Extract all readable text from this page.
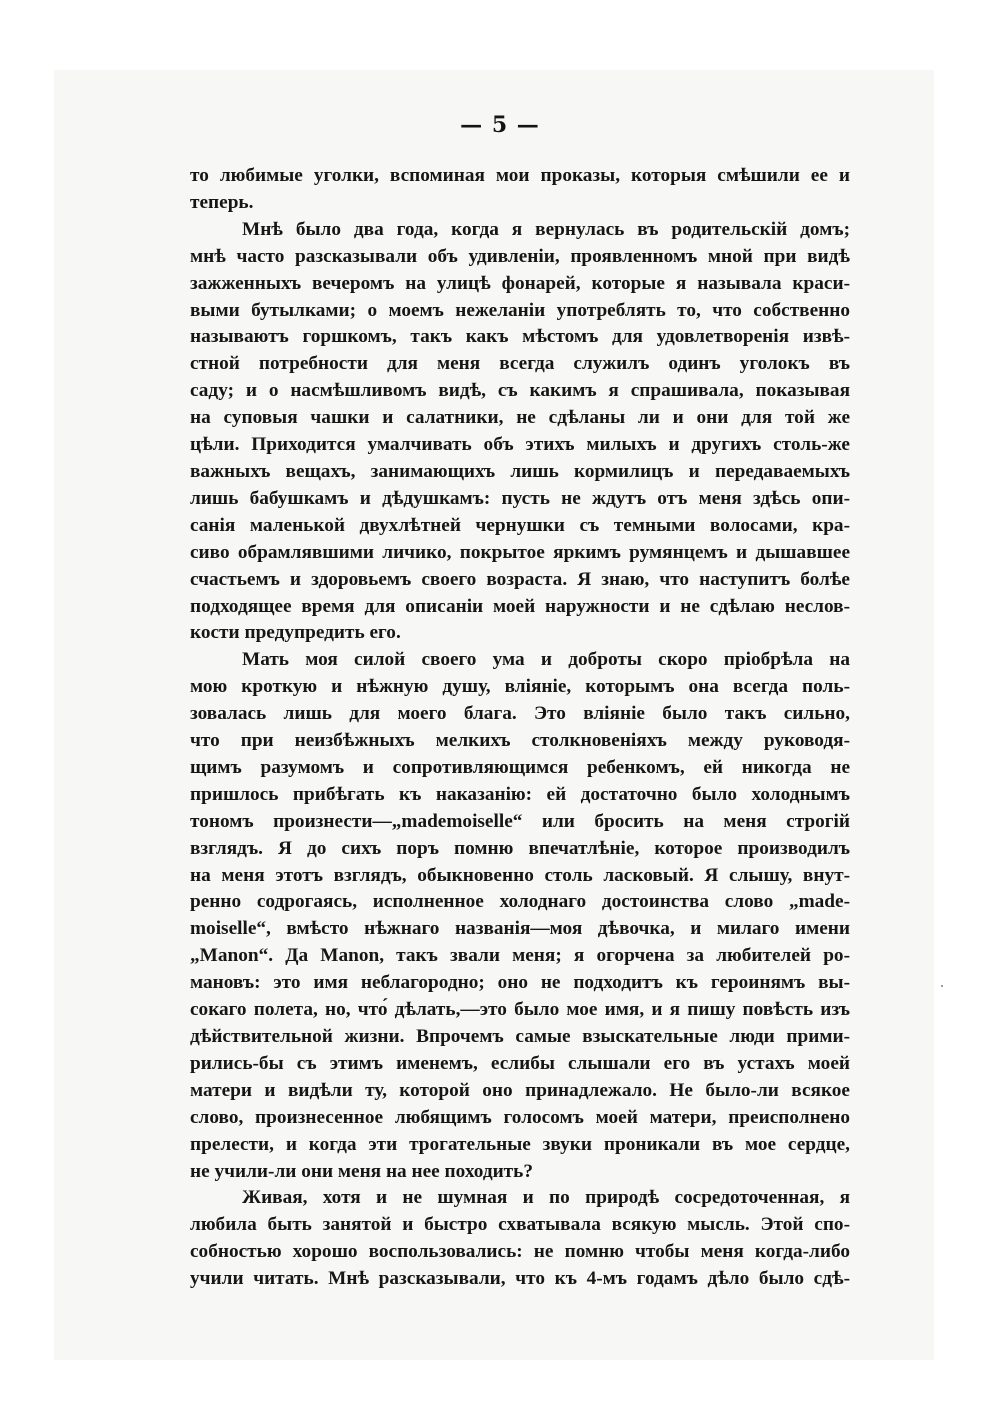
— 5 —
то любимые уголки, вспоминая мои проказы, которыя смѣшили ее и
теперь.
Мнѣ было два года, когда я вернулась въ родительскій домъ;
мнѣ часто разсказывали объ удивленіи, проявленномъ мной при видѣ
зажженныхъ вечеромъ на улицѣ фонарей, которые я называла краси-
выми бутылками; о моемъ нежеланіи употреблять то, что собственно
называютъ горшкомъ, такъ какъ мѣстомъ для удовлетворенія извѣ-
стной потребности для меня всегда служилъ одинъ уголокъ въ
саду; и о насмѣшливомъ видѣ, съ какимъ я спрашивала, показывая
на суповыя чашки и салатники, не сдѣланы ли и они для той же
цѣли. Приходится умалчивать объ этихъ милыхъ и другихъ столь-же
важныхъ вещахъ, занимающихъ лишь кормилицъ и передаваемыхъ
лишь бабушкамъ и дѣдушкамъ: пусть не ждутъ отъ меня здѣсь опи-
санія маленькой двухлѣтней чернушки съ темными волосами, кра-
сиво обрамлявшими личико, покрытое яркимъ румянцемъ и дышавшее
счастьемъ и здоровьемъ своего возраста. Я знаю, что наступитъ болѣе
подходящее время для описаніи моей наружности и не сдѣлаю неслов-
кости предупредить его.
Мать моя силой своего ума и доброты скоро пріобрѣла на
мою кроткую и нѣжную душу, вліяніе, которымъ она всегда поль-
зовалась лишь для моего блага. Это вліяніе было такъ сильно,
что при неизбѣжныхъ мелкихъ столкновеніяхъ между руководя-
щимъ разумомъ и сопротивляющимся ребенкомъ, ей никогда не
пришлось прибѣгать къ наказанію: ей достаточно было холоднымъ
тономъ произнести—„mademoiselle“ или бросить на меня строгій
взглядъ. Я до сихъ поръ помню впечатлѣніе, которое производилъ
на меня этотъ взглядъ, обыкновенно столь ласковый. Я слышу, внут-
ренно содрогаясь, исполненное холоднаго достоинства слово „made-
moiselle“, вмѣсто нѣжнаго названія—моя дѣвочка, и милаго имени
„Manon“. Да Manon, такъ звали меня; я огорчена за любителей ро-
мановъ: это имя неблагородно; оно не подходитъ къ героинямъ вы-
сокаго полета, но, что́ дѣлать,—это было мое имя, и я пишу повѣсть изъ
дѣйствительной жизни. Впрочемъ самые взыскательные люди прими-
рились-бы съ этимъ именемъ, еслибы слышали его въ устахъ моей
матери и видѣли ту, которой оно принадлежало. Не было-ли всякое
слово, произнесенное любящимъ голосомъ моей матери, преисполнено
прелести, и когда эти трогательные звуки проникали въ мое сердце,
не учили-ли они меня на нее походить?
Живая, хотя и не шумная и по природѣ сосредоточенная, я
любила быть занятой и быстро схватывала всякую мысль. Этой спо-
собностью хорошо воспользовались: не помню чтобы меня когда-либо
учили читать. Мнѣ разсказывали, что къ 4-мъ годамъ дѣло было сдѣ-
